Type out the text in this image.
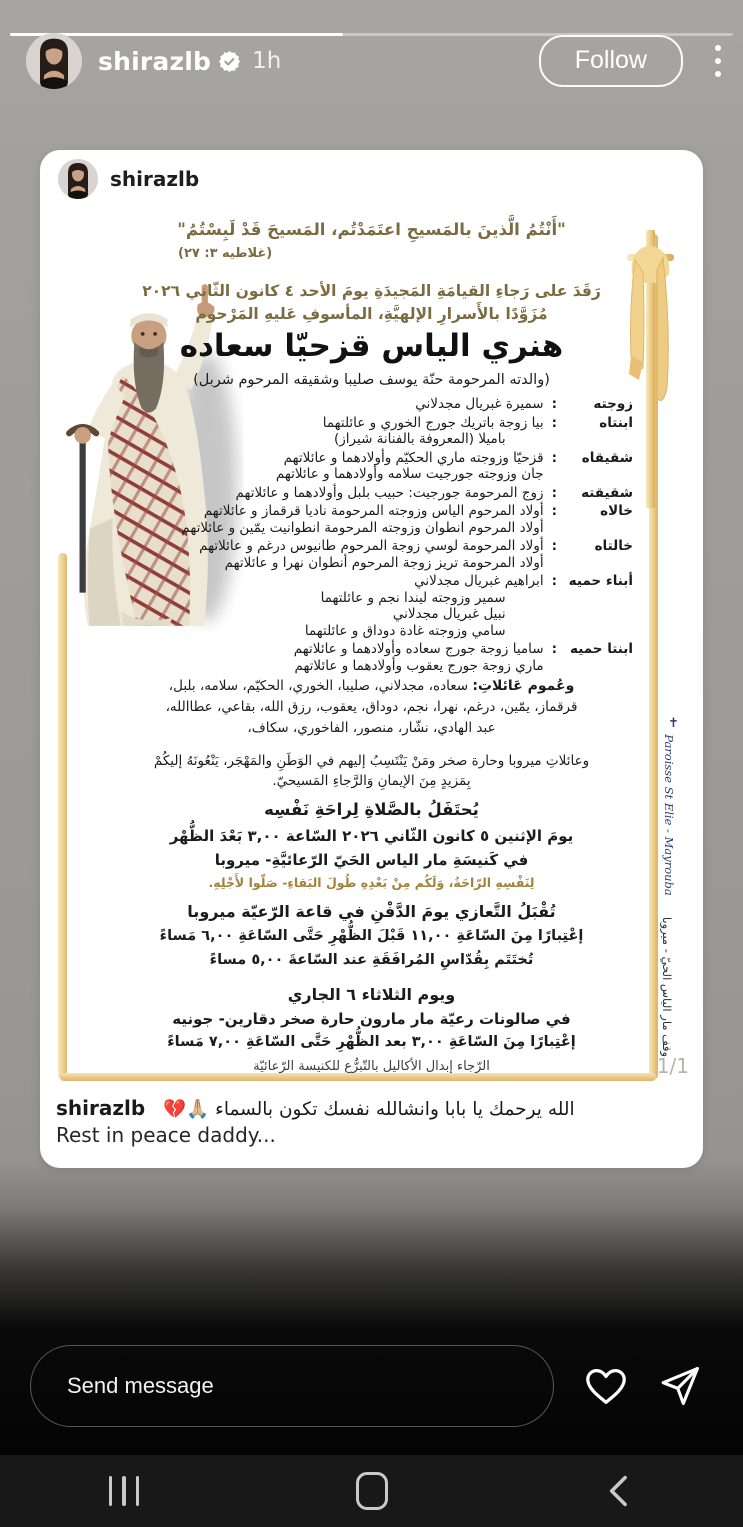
shirazlb 1h	Follow
shirazlb
"أَنْتُمُ الَّذينَ بالمَسيحِ اعتَمَدْتُم، المَسيحَ قَدْ لَبِسْتُمُ"
(غلاطيه ٣: ٢٧)
رَقَدَ على رَجاءِ القيامَةِ المَجيدَةِ يومَ الأحد ٤ كانون الثّاني ٢٠٢٦
مُزَوَّدًا بالأَسرارِ الإلهيَّةِ، المأسوفِ عَليهِ المَرْحوم
هنري الياس قزحيّا سعاده
(والدته المرحومة حنّة يوسف صليبا وشقيقه المرحوم شربل)
زوجته
:
سميرة غبريال مجدلاني
ابنتاه
:
بيا زوجة باتريك جورج الخوري و عائلتهما
باميلا (المعروفة بالفنانة شيراز)
شقيقاه
:
قزحيّا وزوجته ماري الحكيّم وأولادهما و عائلاتهم
جان وزوجته جورجيت سلامه وأولادهما و عائلاتهم
شقيقته
:
زوج المرحومة جورجيت: حبيب بلبل وأولادهما و عائلاتهم
خالاه
:
أولاد المرحوم الياس وزوجته المرحومة ناديا قرقماز و عائلاتهم
أولاد المرحوم انطوان وزوجته المرحومة انطوانيت يمّين و عائلاتهم
خالتاه
:
أولاد المرحومة لوسي زوجة المرحوم طانيوس درغم و عائلاتهم
أولاد المرحومة تريز زوجة المرحوم أنطوان نهرا و عائلاتهم
أبناء حميه
:
ابراهيم غبريال مجدلاني
سمير وزوجته ليندا نجم و عائلتهما
نبيل غبريال مجدلاني
سامي وزوجته غادة دوداق و عائلتهما
ابنتا حميه
:
ساميا زوجة جورج سعاده وأولادهما و عائلاتهم
ماري زوجة جورج يعقوب وأولادهما و عائلاتهم
وعُموم عَائلاتِ: سعاده، مجدلاني، صليبا، الخوري، الحكيّم، سلامه، بلبل، قرقماز، يمّين، درغم، نهرا، نجم، دوداق، يعقوب، رزق الله، بقاعي، عطاالله، عبد الهادي، نشّار، منصور، الفاخوري، سكاف،
وعائلاتِ ميروبا وحارة صخر ومَنْ يَنْتَسِبُ إليهم في الوَطَنِ والمَهْجَر، يَنْعُونَهُ إليكُمْ بِمَزيدٍ مِنَ الإيمانِ وَالرَّجاءِ المَسيحيّ.
يُحتَفَلُ بالصَّلاةِ لِراحَةِ نَفْسِه
يومَ الإثنين ٥ كانون الثّاني ٢٠٢٦ السّاعة ٣,٠٠ بَعْدَ الظُّهْر
في كَنيسَةِ مار الياس الحَيّ الرّعائيَّةِ- ميروبا
لِنَفْسِهِ الرّاحَةُ، وَلَكُم مِنْ بَعْدِهِ طُولَ البَقاءِ- صَلّوا لأَجْلِهِ.
تُقْبَلُ التَّعازي يومَ الدَّفْنِ في قاعة الرّعيّة ميروبا
إعْتِبارًا مِنَ السّاعَةِ ١١,٠٠ قَبْلَ الظُّهْرِ حَتَّى السّاعَةِ ٦,٠٠ مَساءً
تُختَتَم بِقُدّاسِ المُرافَقَةِ عند السّاعةَ ٥,٠٠ مساءً
ويوم الثلاثاء ٦ الجاري
في صالونات رعيّة مار مارون حارة صخر دقارين- جونيه
إعْتِبارًا مِنَ السّاعَةِ ٣,٠٠ بعد الظُّهْرِ حَتَّى السّاعَةِ ٧,٠٠ مَساءً
الرّجاء إبدال الأكاليل بالتّبرُّع للكنيسة الرّعائيّة
✝
Paroisse St Elie - Mayrouba
وقف مار الياس الحيّ - ميروبا
1/1
shirazlb الله يرحمك يا بابا وانشالله نفسك تكون بالسماء 🙏🏼💔
Rest in peace daddy...
Send message
